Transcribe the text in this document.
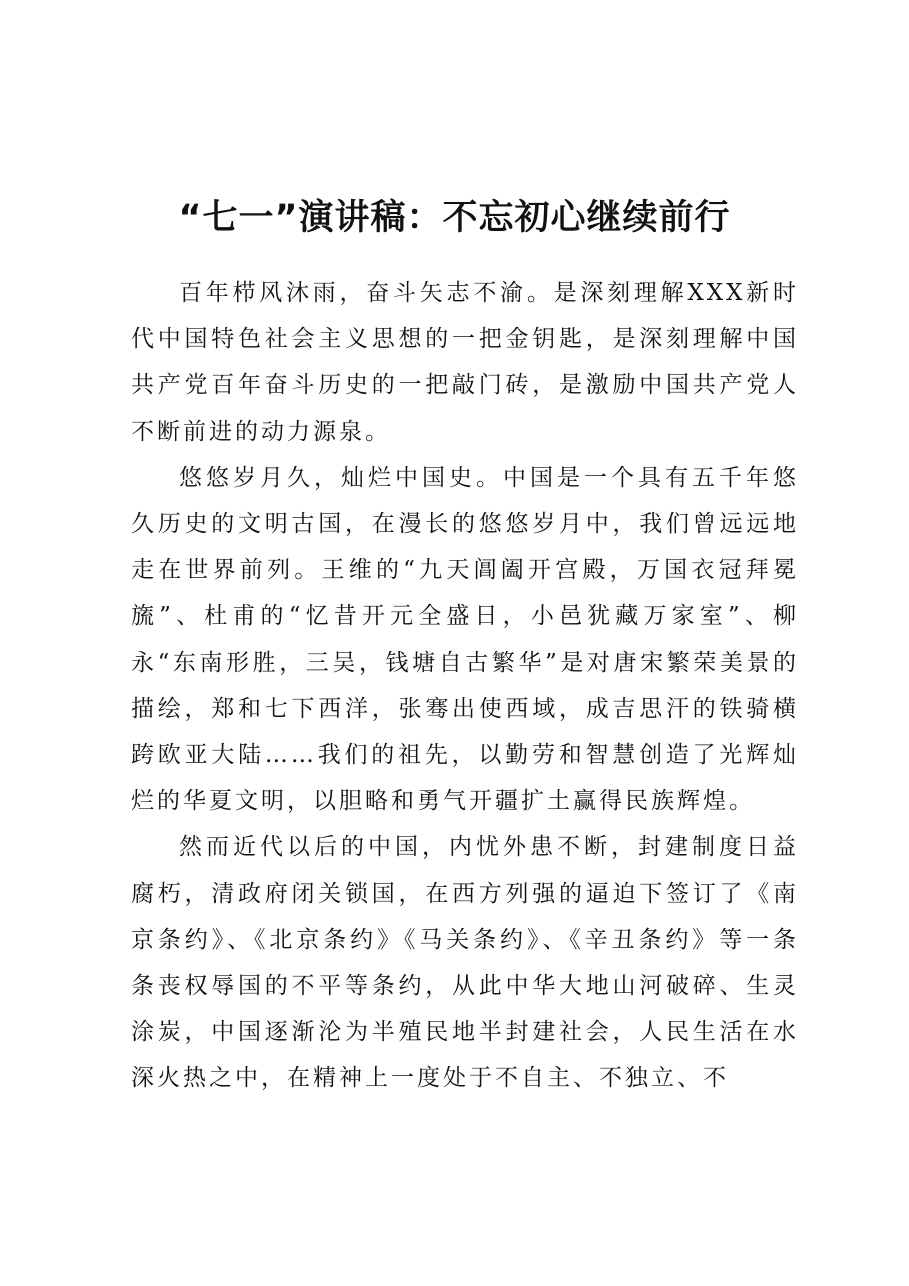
“七一”演讲稿：不忘初心继续前行

百年栉风沐雨，奋斗矢志不渝。是深刻理解XXX新时代中国特色社会主义思想的一把金钥匙，是深刻理解中国共产党百年奋斗历史的一把敲门砖，是激励中国共产党人不断前进的动力源泉。

悠悠岁月久，灿烂中国史。中国是一个具有五千年悠久历史的文明古国，在漫长的悠悠岁月中，我们曾远远地走在世界前列。王维的“九天阊阖开宫殿，万国衣冠拜冕旒”、杜甫的“忆昔开元全盛日，小邑犹藏万家室”、柳永“东南形胜，三吴，钱塘自古繁华”是对唐宋繁荣美景的描绘，郑和七下西洋，张骞出使西域，成吉思汗的铁骑横跨欧亚大陆……我们的祖先，以勤劳和智慧创造了光辉灿烂的华夏文明，以胆略和勇气开疆扩土赢得民族辉煌。

然而近代以后的中国，内忧外患不断，封建制度日益腐朽，清政府闭关锁国，在西方列强的逼迫下签订了《南京条约》、《北京条约》《马关条约》、《辛丑条约》等一条条丧权辱国的不平等条约，从此中华大地山河破碎、生灵涂炭，中国逐渐沦为半殖民地半封建社会，人民生活在水深火热之中，在精神上一度处于不自主、不独立、不
